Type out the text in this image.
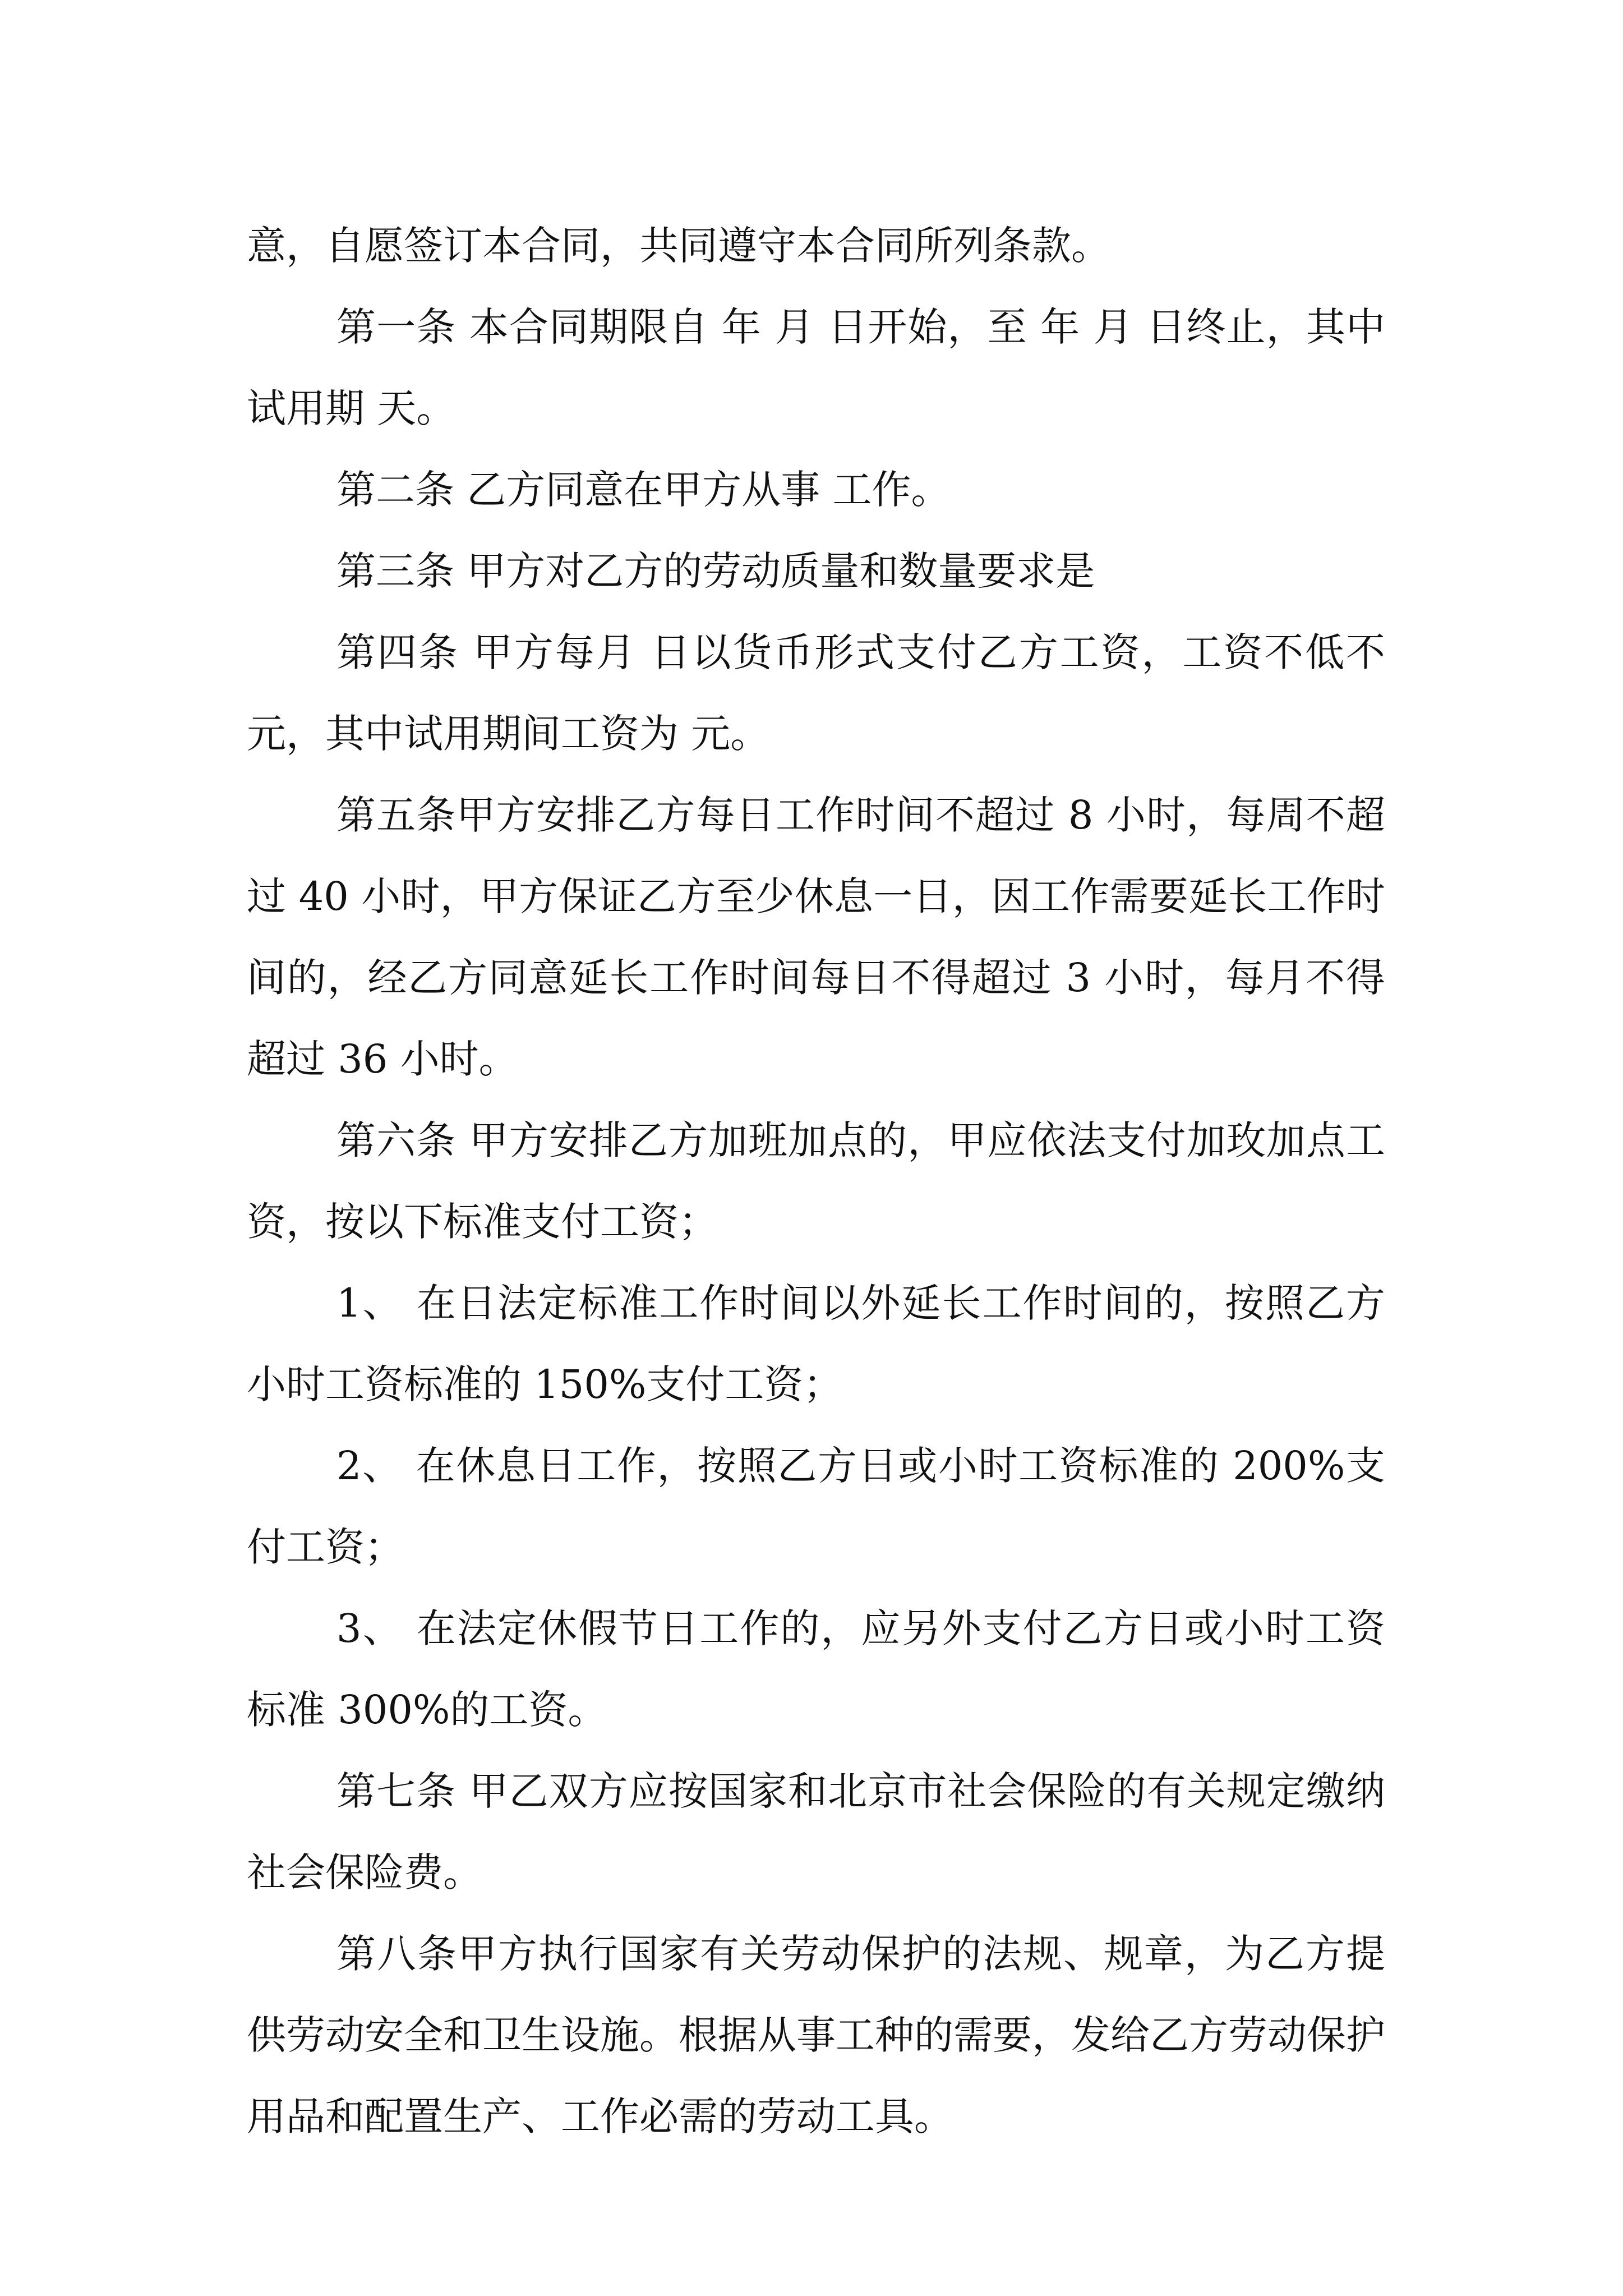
意，自愿签订本合同，共同遵守本合同所列条款。

第一条 本合同期限自 年 月 日开始，至 年 月 日终止，其中试用期 天。

第二条 乙方同意在甲方从事 工作。

第三条 甲方对乙方的劳动质量和数量要求是

第四条 甲方每月 日以货币形式支付乙方工资，工资不低不 元，其中试用期间工资为 元。

第五条甲方安排乙方每日工作时间不超过 8 小时，每周不超过 40 小时，甲方保证乙方至少休息一日，因工作需要延长工作时间的，经乙方同意延长工作时间每日不得超过 3 小时，每月不得超过 36 小时。

第六条 甲方安排乙方加班加点的，甲应依法支付加玫加点工资，按以下标准支付工资；

1、 在日法定标准工作时间以外延长工作时间的，按照乙方小时工资标准的 150%支付工资；

2、 在休息日工作，按照乙方日或小时工资标准的 200%支付工资；

3、 在法定休假节日工作的，应另外支付乙方日或小时工资标准 300%的工资。

第七条 甲乙双方应按国家和北京市社会保险的有关规定缴纳社会保险费。

第八条甲方执行国家有关劳动保护的法规、规章，为乙方提供劳动安全和卫生设施。根据从事工种的需要，发给乙方劳动保护用品和配置生产、工作必需的劳动工具。
